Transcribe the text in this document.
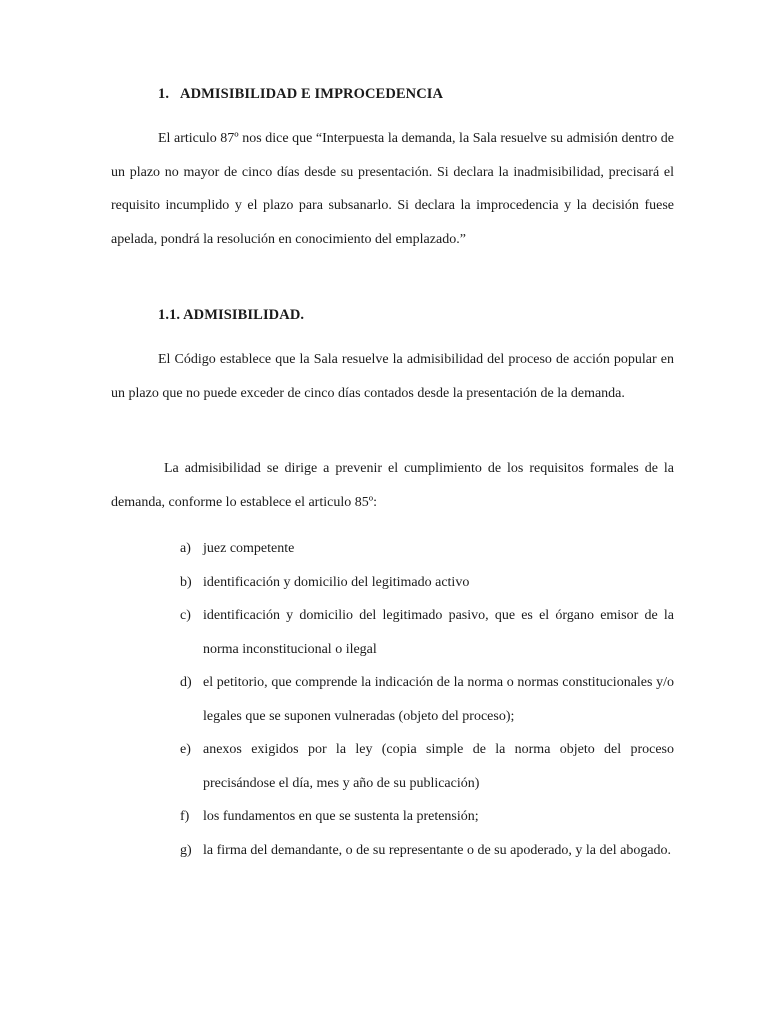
1. ADMISIBILIDAD E IMPROCEDENCIA
El articulo 87º nos dice que “Interpuesta la demanda, la Sala resuelve su admisión dentro de un plazo no mayor de cinco días desde su presentación. Si declara la inadmisibilidad, precisará el requisito incumplido y el plazo para subsanarlo. Si declara la improcedencia y la decisión fuese apelada, pondrá la resolución en conocimiento del emplazado.”
1.1. ADMISIBILIDAD.
El Código establece que la Sala resuelve la admisibilidad del proceso de acción popular en un plazo que no puede exceder de cinco días contados desde la presentación de la demanda.
La admisibilidad se dirige a prevenir el cumplimiento de los requisitos formales de la demanda, conforme lo establece el articulo 85º:
a) juez competente
b) identificación y domicilio del legitimado activo
c) identificación y domicilio del legitimado pasivo, que es el órgano emisor de la norma inconstitucional o ilegal
d) el petitorio, que comprende la indicación de la norma o normas constitucionales y/o legales que se suponen vulneradas (objeto del proceso);
e) anexos exigidos por la ley (copia simple de la norma objeto del proceso precisándose el día, mes y año de su publicación)
f) los fundamentos en que se sustenta la pretensión;
g) la firma del demandante, o de su representante o de su apoderado, y la del abogado.
